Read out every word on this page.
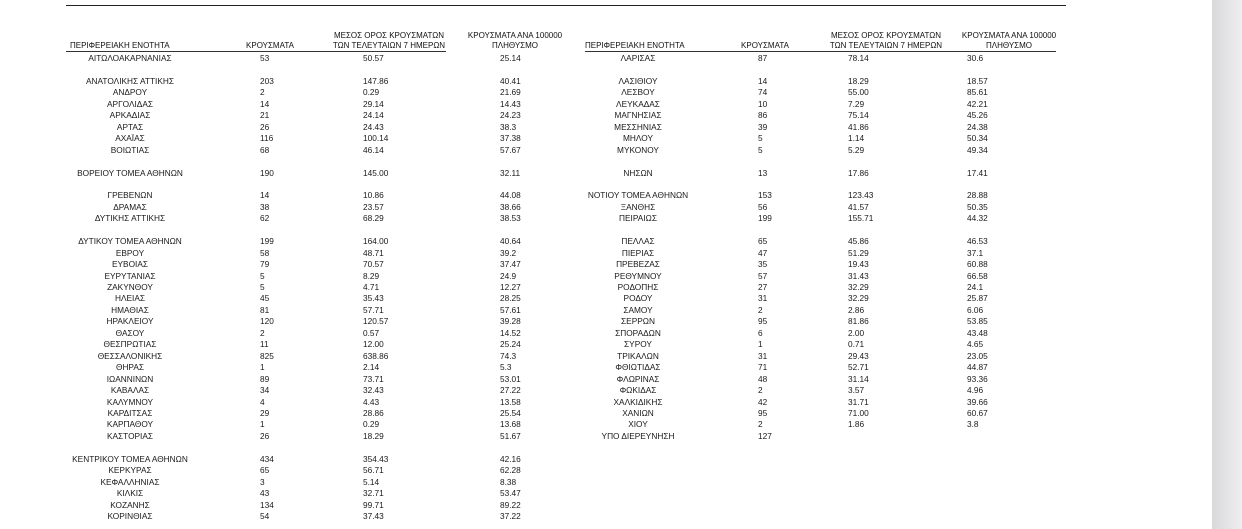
ΠΕΡΙΦΕΡΕΙΑΚΗ ΕΝΟΤΗΤΑ	ΚΡΟΥΣΜΑΤΑ
ΜΕΣΟΣ ΟΡΟΣ ΚΡΟΥΣΜΑΤΩΝ ΤΩΝ ΤΕΛΕΥΤΑΙΩΝ 7 ΗΜΕΡΩΝ
ΚΡΟΥΣΜΑΤΑ ΑΝΑ 100000 ΠΛΗΘΥΣΜΟ	ΠΕΡΙΦΕΡΕΙΑΚΗ ΕΝΟΤΗΤΑ	ΚΡΟΥΣΜΑΤΑ
ΜΕΣΟΣ ΟΡΟΣ ΚΡΟΥΣΜΑΤΩΝ ΤΩΝ ΤΕΛΕΥΤΑΙΩΝ 7 ΗΜΕΡΩΝ
ΚΡΟΥΣΜΑΤΑ ΑΝΑ 100000 ΠΛΗΘΥΣΜΟ
ΑΙΤΩΛΟΑΚΑΡΝΑΝΙΑΣ	53	50.57	25.14
ΑΝΑΤΟΛΙΚΗΣ ΑΤΤΙΚΗΣ	203	147.86	40.41
ΑΝΔΡΟΥ	2	0.29	21.69
ΑΡΓΟΛΙΔΑΣ	14	29.14	14.43
ΑΡΚΑΔΙΑΣ	21	24.14	24.23
ΑΡΤΑΣ	26	24.43	38.3
ΑΧΑΪΑΣ	116	100.14	37.38
ΒΟΙΩΤΙΑΣ	68	46.14	57.67
ΒΟΡΕΙΟΥ ΤΟΜΕΑ ΑΘΗΝΩΝ	190	145.00	32.11
ΓΡΕΒΕΝΩΝ	14	10.86	44.08
ΔΡΑΜΑΣ	38	23.57	38.66
ΔΥΤΙΚΗΣ ΑΤΤΙΚΗΣ	62	68.29	38.53
ΔΥΤΙΚΟΥ ΤΟΜΕΑ ΑΘΗΝΩΝ	199	164.00	40.64
ΕΒΡΟΥ	58	48.71	39.2
ΕΥΒΟΙΑΣ	79	70.57	37.47
ΕΥΡΥΤΑΝΙΑΣ	5	8.29	24.9
ΖΑΚΥΝΘΟΥ	5	4.71	12.27
ΗΛΕΙΑΣ	45	35.43	28.25
ΗΜΑΘΙΑΣ	81	57.71	57.61
ΗΡΑΚΛΕΙΟΥ	120	120.57	39.28
ΘΑΣΟΥ	2	0.57	14.52
ΘΕΣΠΡΩΤΙΑΣ	11	12.00	25.24
ΘΕΣΣΑΛΟΝΙΚΗΣ	825	638.86	74.3
ΘΗΡΑΣ	1	2.14	5.3
ΙΩΑΝΝΙΝΩΝ	89	73.71	53.01
ΚΑΒΑΛΑΣ	34	32.43	27.22
ΚΑΛΥΜΝΟΥ	4	4.43	13.58
ΚΑΡΔΙΤΣΑΣ	29	28.86	25.54
ΚΑΡΠΑΘΟΥ	1	0.29	13.68
ΚΑΣΤΟΡΙΑΣ	26	18.29	51.67
ΚΕΝΤΡΙΚΟΥ ΤΟΜΕΑ ΑΘΗΝΩΝ	434	354.43	42.16
ΚΕΡΚΥΡΑΣ	65	56.71	62.28
ΚΕΦΑΛΛΗΝΙΑΣ	3	5.14	8.38
ΚΙΛΚΙΣ	43	32.71	53.47
ΚΟΖΑΝΗΣ	134	99.71	89.22
ΚΟΡΙΝΘΙΑΣ	54	37.43	37.22
ΛΑΡΙΣΑΣ	87	78.14	30.6
ΛΑΣΙΘΙΟΥ	14	18.29	18.57
ΛΕΣΒΟΥ	74	55.00	85.61
ΛΕΥΚΑΔΑΣ	10	7.29	42.21
ΜΑΓΝΗΣΙΑΣ	86	75.14	45.26
ΜΕΣΣΗΝΙΑΣ	39	41.86	24.38
ΜΗΛΟΥ	5	1.14	50.34
ΜΥΚΟΝΟΥ	5	5.29	49.34
ΝΗΣΩΝ	13	17.86	17.41
ΝΟΤΙΟΥ ΤΟΜΕΑ ΑΘΗΝΩΝ	153	123.43	28.88
ΞΑΝΘΗΣ	56	41.57	50.35
ΠΕΙΡΑΙΩΣ	199	155.71	44.32
ΠΕΛΛΑΣ	65	45.86	46.53
ΠΙΕΡΙΑΣ	47	51.29	37.1
ΠΡΕΒΕΖΑΣ	35	19.43	60.88
ΡΕΘΥΜΝΟΥ	57	31.43	66.58
ΡΟΔΟΠΗΣ	27	32.29	24.1
ΡΟΔΟΥ	31	32.29	25.87
ΣΑΜΟΥ	2	2.86	6.06
ΣΕΡΡΩΝ	95	81.86	53.85
ΣΠΟΡΑΔΩΝ	6	2.00	43.48
ΣΥΡΟΥ	1	0.71	4.65
ΤΡΙΚΑΛΩΝ	31	29.43	23.05
ΦΘΙΩΤΙΔΑΣ	71	52.71	44.87
ΦΛΩΡΙΝΑΣ	48	31.14	93.36
ΦΩΚΙΔΑΣ	2	3.57	4.96
ΧΑΛΚΙΔΙΚΗΣ	42	31.71	39.66
ΧΑΝΙΩΝ	95	71.00	60.67
ΧΙΟΥ	2	1.86	3.8
ΥΠΟ ΔΙΕΡΕΥΝΗΣΗ	127
